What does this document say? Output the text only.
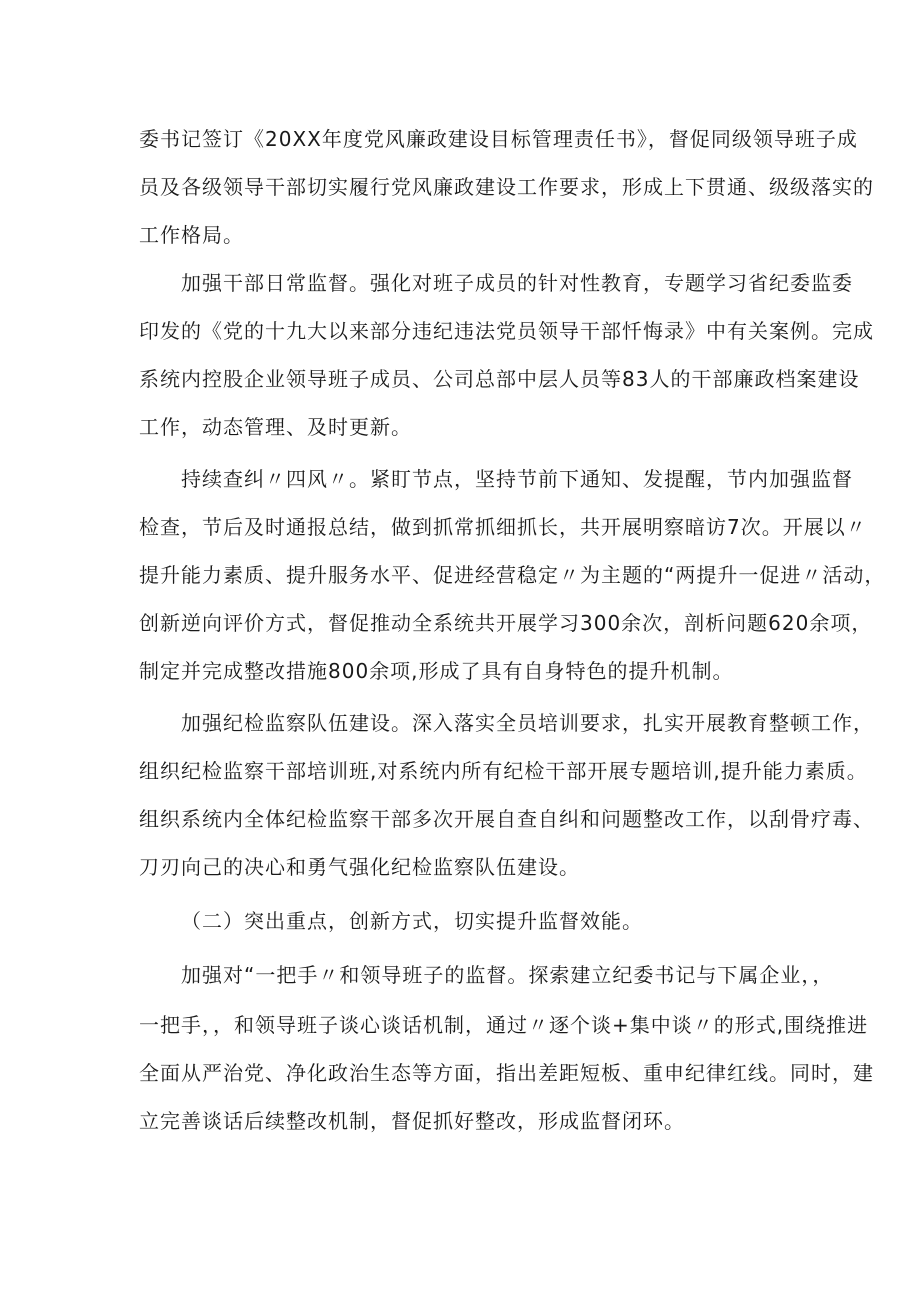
委书记签订《20XX年度党风廉政建设目标管理责任书》，督促同级领导班子成
员及各级领导干部切实履行党风廉政建设工作要求，形成上下贯通、级级落实的
工作格局。
加强干部日常监督。强化对班子成员的针对性教育，专题学习省纪委监委
印发的《党的十九大以来部分违纪违法党员领导干部忏悔录》中有关案例。完成
系统内控股企业领导班子成员、公司总部中层人员等83人的干部廉政档案建设
工作，动态管理、及时更新。
持续查纠〃四风〃。紧盯节点，坚持节前下通知、发提醒，节内加强监督
检查，节后及时通报总结，做到抓常抓细抓长，共开展明察暗访7次。开展以〃
提升能力素质、提升服务水平、促进经营稳定〃为主题的“两提升一促进〃活动，
创新逆向评价方式，督促推动全系统共开展学习300余次，剖析问题620余项，
制定并完成整改措施800余项,形成了具有自身特色的提升机制。
加强纪检监察队伍建设。深入落实全员培训要求，扎实开展教育整顿工作，
组织纪检监察干部培训班,对系统内所有纪检干部开展专题培训,提升能力素质。
组织系统内全体纪检监察干部多次开展自查自纠和问题整改工作，以刮骨疗毒、
刀刃向己的决心和勇气强化纪检监察队伍建设。
（二）突出重点，创新方式，切实提升监督效能。
加强对“一把手〃和领导班子的监督。探索建立纪委书记与下属企业，，
一把手，，和领导班子谈心谈话机制，通过〃逐个谈+集中谈〃的形式,围绕推进
全面从严治党、净化政治生态等方面，指出差距短板、重申纪律红线。同时，建
立完善谈话后续整改机制，督促抓好整改，形成监督闭环。
